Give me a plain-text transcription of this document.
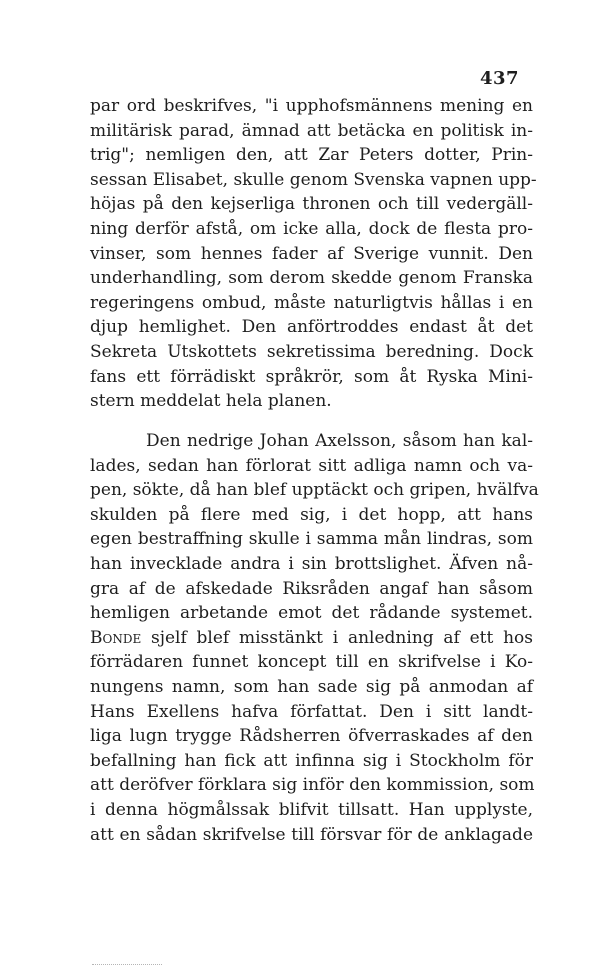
437
par ord beskrifves, "i upphofsmännens mening en
militärisk parad, ämnad att betäcka en politisk in-
trig"; nemligen den, att Zar Peters dotter, Prin-
sessan Elisabet, skulle genom Svenska vapnen upp-
höjas på den kejserliga thronen och till vedergäll-
ning derför afstå, om icke alla, dock de flesta pro-
vinser, som hennes fader af Sverige vunnit. Den
underhandling, som derom skedde genom Franska
regeringens ombud, måste naturligtvis hållas i en
djup hemlighet. Den anförtroddes endast åt det
Sekreta Utskottets sekretissima beredning. Dock
fans ett förrädiskt språkrör, som åt Ryska Mini-
stern meddelat hela planen.
Den nedrige Johan Axelsson, såsom han kal-
lades, sedan han förlorat sitt adliga namn och va-
pen, sökte, då han blef upptäckt och gripen, hvälfva
skulden på flere med sig, i det hopp, att hans
egen bestraffning skulle i samma mån lindras, som
han invecklade andra i sin brottslighet. Äfven nå-
gra af de afskedade Riksråden angaf han såsom
hemligen arbetande emot det rådande systemet.
Bonde sjelf blef misstänkt i anledning af ett hos
förrädaren funnet koncept till en skrifvelse i Ko-
nungens namn, som han sade sig på anmodan af
Hans Exellens hafva författat. Den i sitt landt-
liga lugn trygge Rådsherren öfverraskades af den
befallning han fick att infinna sig i Stockholm för
att deröfver förklara sig inför den kommission, som
i denna högmålssak blifvit tillsatt. Han upplyste,
att en sådan skrifvelse till försvar för de anklagade
